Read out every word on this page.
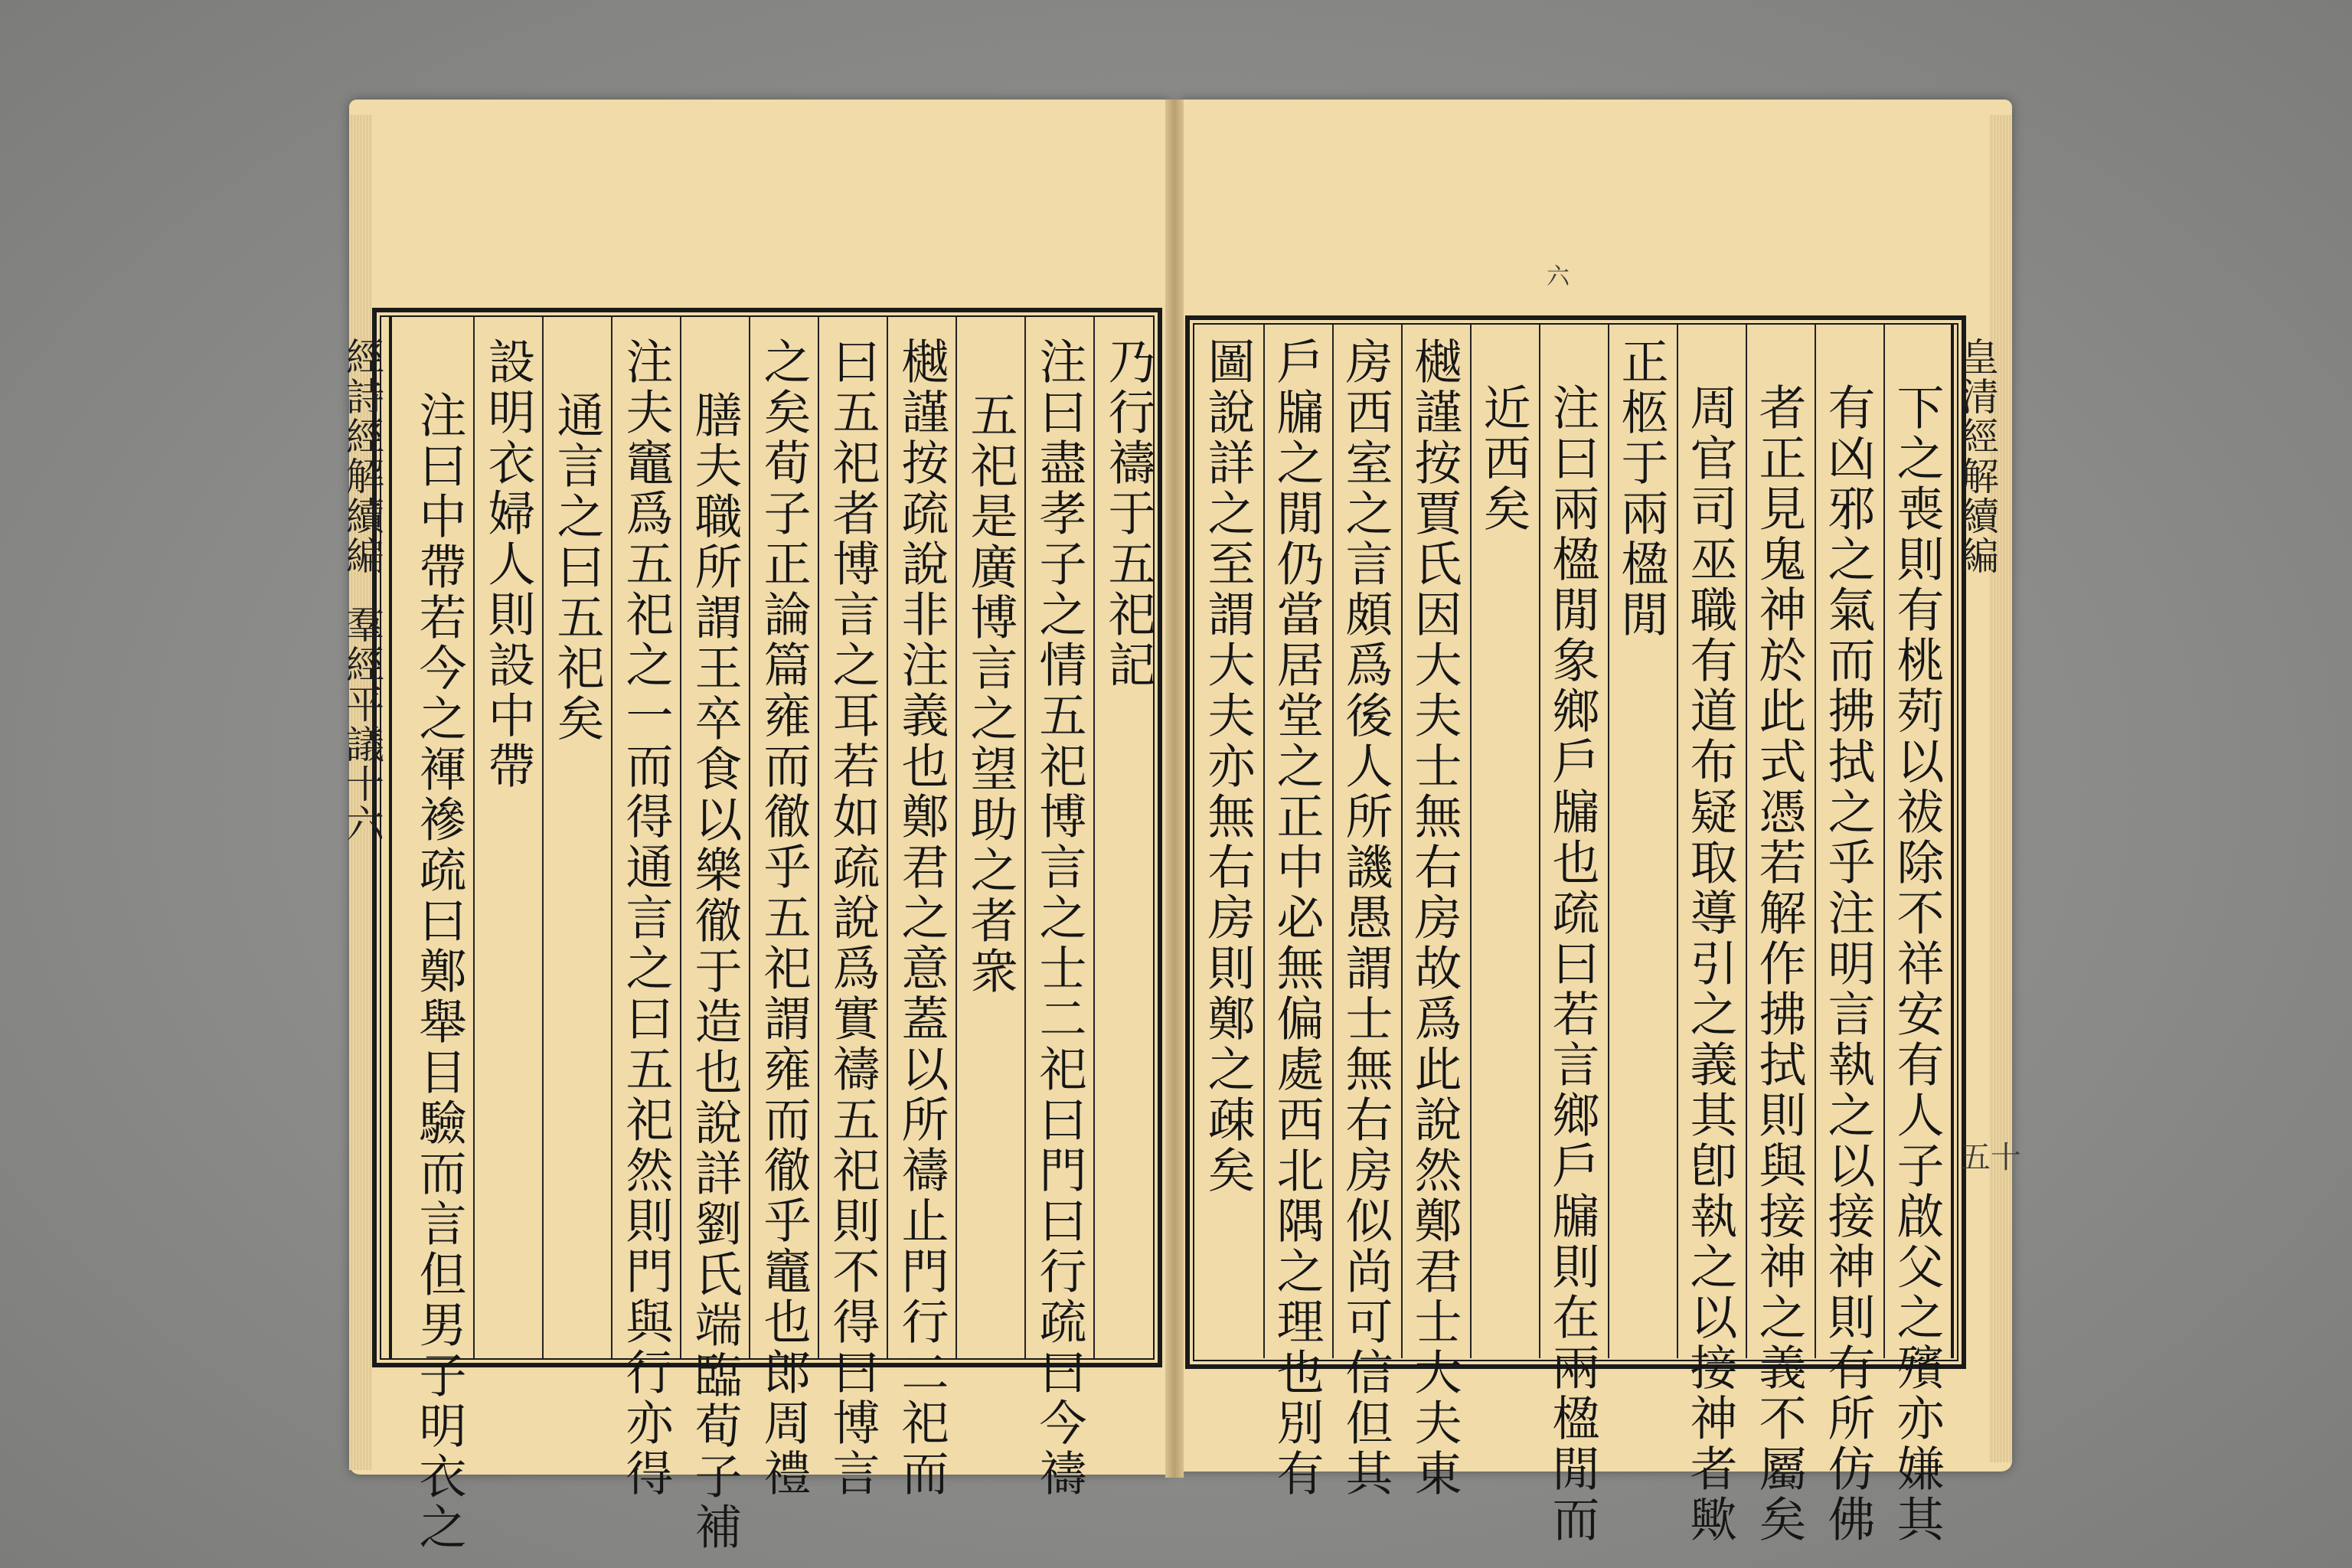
經詩經解續編
羣經平議十六
皇清經解續編
五十
六
乃行禱于五祀記
注曰盡孝子之情五祀博言之士二祀曰門曰行疏曰今禱
五祀是廣博言之望助之者衆
樾謹按疏說非注義也鄭君之意蓋以所禱止門行二祀而
曰五祀者博言之耳若如疏說爲實禱五祀則不得曰博言
之矣荀子正論篇雍而徹乎五祀謂雍而徹乎竈也郎周禮
膳夫職所謂王卒食以樂徹于造也說詳劉氏端臨荀子補
注夫竈爲五祀之一而得通言之曰五祀然則門與行亦得
通言之曰五祀矣
設明衣婦人則設中帶
注曰中帶若今之褌襂疏曰鄭舉目驗而言但男子明衣之	下之喪則有桃茢以祓除不祥安有人子啟父之殯亦嫌其
有凶邪之氣而拂拭之乎注明言執之以接神則有所仿佛
者正見鬼神於此式憑若解作拂拭則與接神之義不屬矣
周官司巫職有道布疑取導引之義其卽執之以接神者歟
正柩于兩楹閒
注曰兩楹閒象鄉戶牖也疏曰若言鄉戶牖則在兩楹閒而
近西矣
樾謹按賈氏因大夫士無右房故爲此說然鄭君士大夫東
房西室之言頗爲後人所譏愚謂士無右房似尚可信但其
戶牖之閒仍當居堂之正中必無偏處西北隅之理也別有
圖說詳之至謂大夫亦無右房則鄭之疎矣
